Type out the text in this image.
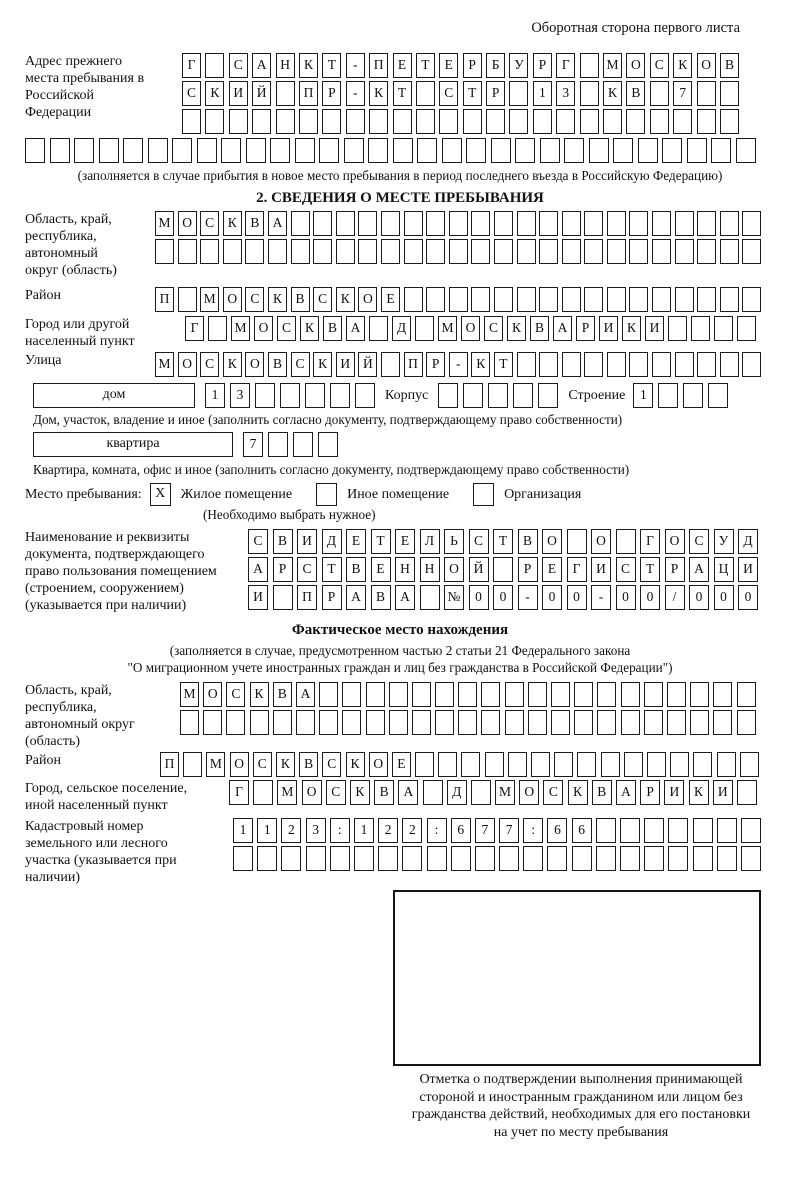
Оборотная сторона первого листа
Адрес прежнего места пребывания в Российской Федерации
Г	С	А	Н	К	Т	-	П	Е	Т	Е	Р	Б	У	Р	Г	М О	С	К	О	В
С	К	И	Й	П	Р	-	К	Т	С	Т	Р	1	3	К	В	7
(заполняется в случае прибытия в новое место пребывания в период последнего въезда в Российскую Федерацию)
2. СВЕДЕНИЯ О МЕСТЕ ПРЕБЫВАНИЯ
Область, край, республика, автономный округ (область)
М О С	К	В А
Район	П	М О С	К	В	С	К О	Е
Город или другой населенный пункт
Г	М О	С	К	В	А	Д	М О	С	К	В	А	Р	И	К	И
Улица	М О С	К О В	С	К И Й	П	Р	-	К	Т
дом	1	3	Корпус	Строение	1
Дом, участок, владение и иное (заполнить согласно документу, подтверждающему право собственности)
квартира	7
Квартира, комната, офис и иное (заполнить согласно документу, подтверждающему право собственности)
Место пребывания: X	Жилое помещение	Иное помещение	Организация
(Необходимо выбрать нужное)
Наименование и реквизиты документа, подтверждающего право пользования помещением (строением, сооружением) (указывается при наличии)
С	В	И	Д	Е	Т	Е	Л	Ь	С	Т	В	О	О	Г	О	С	У	Д
А	Р	С	Т	В	Е	Н	Н	О	Й	Р	Е	Г	И	С	Т	Р	А	Ц	И
И	П	Р	А	В	А	№	0	0	-	0	0	-	0	0	/	0	0	0
Фактическое место нахождения
(заполняется в случае, предусмотренном частью 2 статьи 21 Федерального закона
"О миграционном учете иностранных граждан и лиц без гражданства в Российской Федерации")
Область, край, республика, автономный округ (область)
М О	С	К	В	А
Район	П	М О	С	К	В	С	К	О	Е
Город, сельское поселение, иной населенный пункт
Г	М О	С	К	В	А	Д	М О	С	К	В	А	Р	И	К	И
Кадастровый номер земельного или лесного участка (указывается при наличии)
1	1	2	3	:	1	2	2	:	6	7	7	:	6	6
Отметка о подтверждении выполнения принимающей
стороной и иностранным гражданином или лицом без
гражданства действий, необходимых для его постановки
на учет по месту пребывания
